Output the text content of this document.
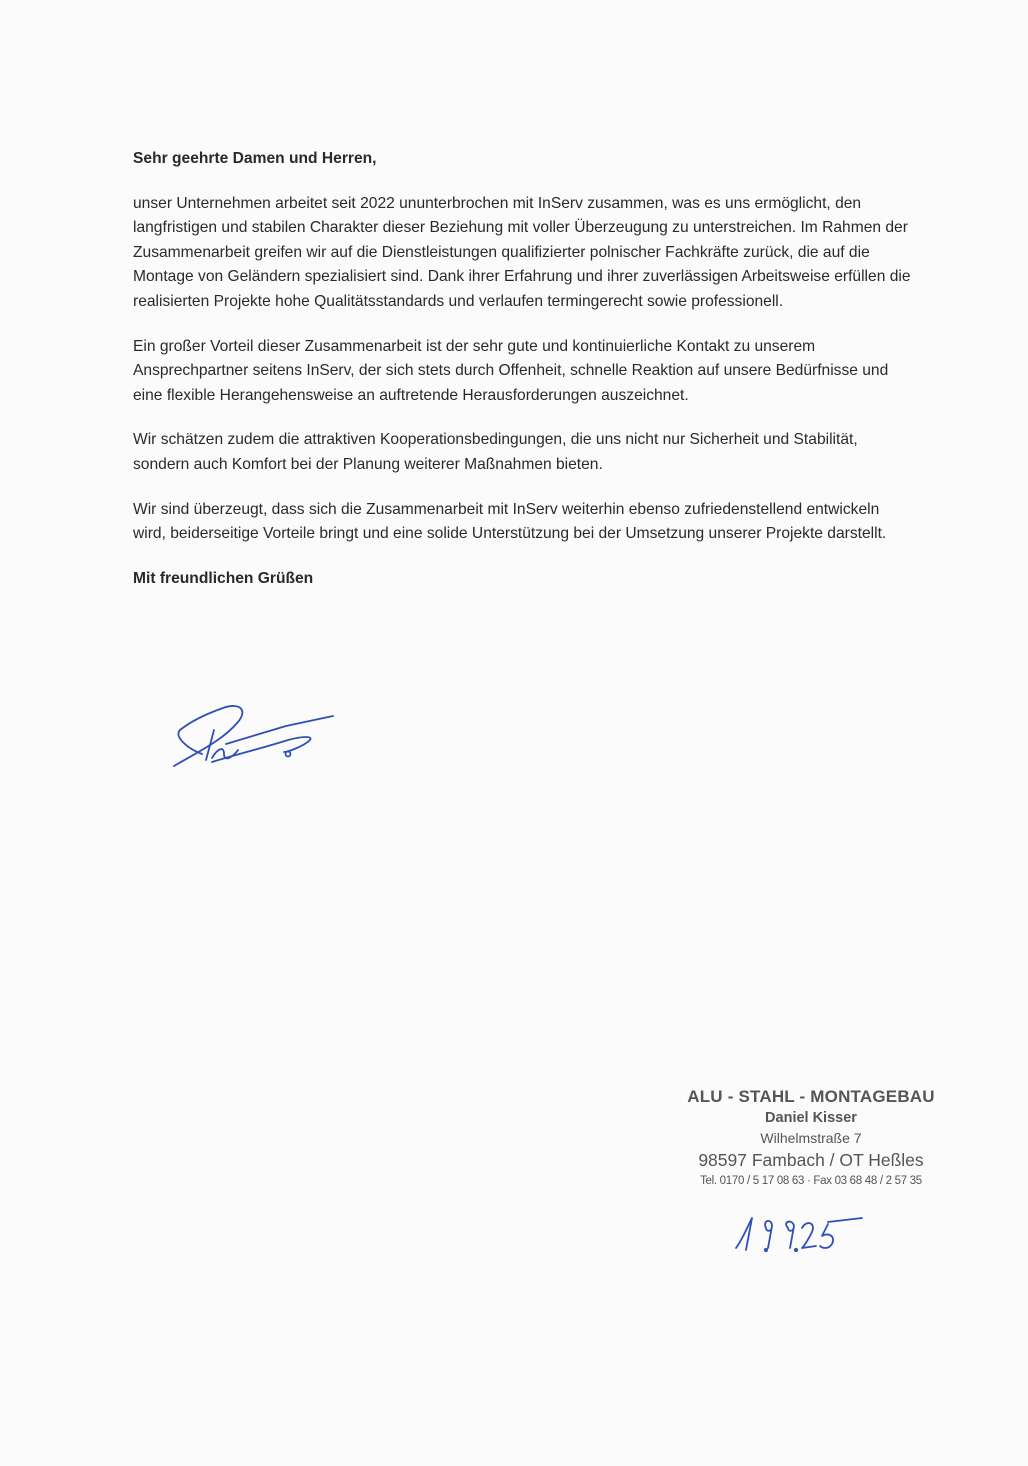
Sehr geehrte Damen und Herren,

unser Unternehmen arbeitet seit 2022 ununterbrochen mit InServ zusammen, was es uns ermöglicht, den langfristigen und stabilen Charakter dieser Beziehung mit voller Überzeugung zu unterstreichen. Im Rahmen der Zusammenarbeit greifen wir auf die Dienstleistungen qualifizierter polnischer Fachkräfte zurück, die auf die Montage von Geländern spezialisiert sind. Dank ihrer Erfahrung und ihrer zuverlässigen Arbeitsweise erfüllen die realisierten Projekte hohe Qualitätsstandards und verlaufen termingerecht sowie professionell.

Ein großer Vorteil dieser Zusammenarbeit ist der sehr gute und kontinuierliche Kontakt zu unserem Ansprechpartner seitens InServ, der sich stets durch Offenheit, schnelle Reaktion auf unsere Bedürfnisse und eine flexible Herangehensweise an auftretende Herausforderungen auszeichnet.

Wir schätzen zudem die attraktiven Kooperationsbedingungen, die uns nicht nur Sicherheit und Stabilität, sondern auch Komfort bei der Planung weiterer Maßnahmen bieten.

Wir sind überzeugt, dass sich die Zusammenarbeit mit InServ weiterhin ebenso zufriedenstellend entwickeln wird, beiderseitige Vorteile bringt und eine solide Unterstützung bei der Umsetzung unserer Projekte darstellt.

Mit freundlichen Grüßen

ALU - STAHL - MONTAGEBAU
Daniel Kisser
Wilhelmstraße 7
98597 Fambach / OT Heßles
Tel. 0170 / 5 17 08 63 · Fax 03 68 48 / 2 57 35
